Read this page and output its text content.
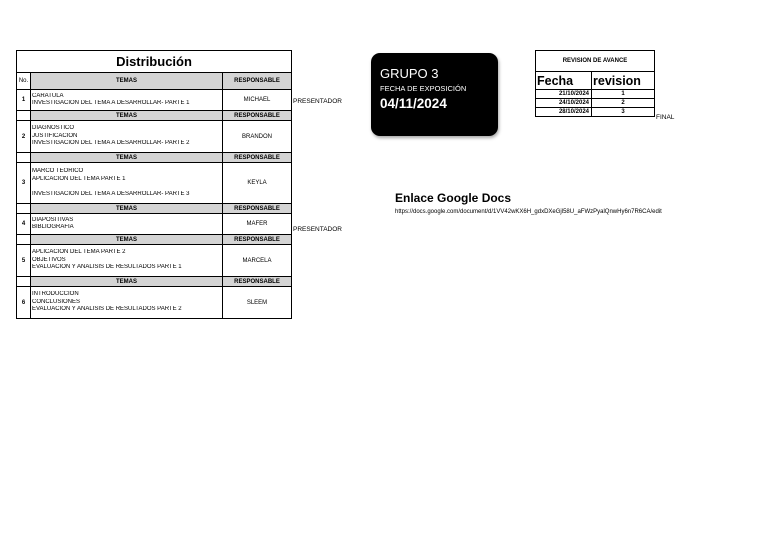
Distribución		
No.	TEMAS	RESPONSABLE
1	CARATULA
INVESTIGACIÓN DEL TEMA A DESARROLLAR- PARTE 1	MICHAEL
	TEMAS	RESPONSABLE
2	DIAGNOSTICO
JUSTIFICACIÓN
INVESTIGACIÓN DEL TEMA A DESARROLLAR- PARTE 2	BRANDON
	TEMAS	RESPONSABLE
3	MARCO TEORICO
APLICACIÓN DEL TEMA PARTE 1
INVESTIGACIÓN DEL TEMA A DESARROLLAR- PARTE 3	KEYLA
	TEMAS	RESPONSABLE
4	DIAPOSITIVAS
BIBLIOGRAFIA	MAFER
	TEMAS	RESPONSABLE
5	APLICACIÓN DEL TEMA PARTE 2
OBJETIVOS
EVALUACION Y ANALISIS DE RESULTADOS PARTE 1	MARCELA
	TEMAS	RESPONSABLE
6	INTRODUCCIÓN
CONCLUSIONES
EVALUACION Y ANALISIS DE RESULTADOS PARTE 2	SLEEM
PRESENTADOR
PRESENTADOR
GRUPO 3
FECHA DE EXPOSICIÓN
04/11/2024
REVISION DE AVANCE	
Fecha	revision
21/10/2024	1
24/10/2024	2
28/10/2024	3
FINAL
Enlace Google Docs
https://docs.google.com/document/d/1VV42wKX6H_gdxDXeGjl58U_aFWzPyalQnwHy6n7R6CA/edit
